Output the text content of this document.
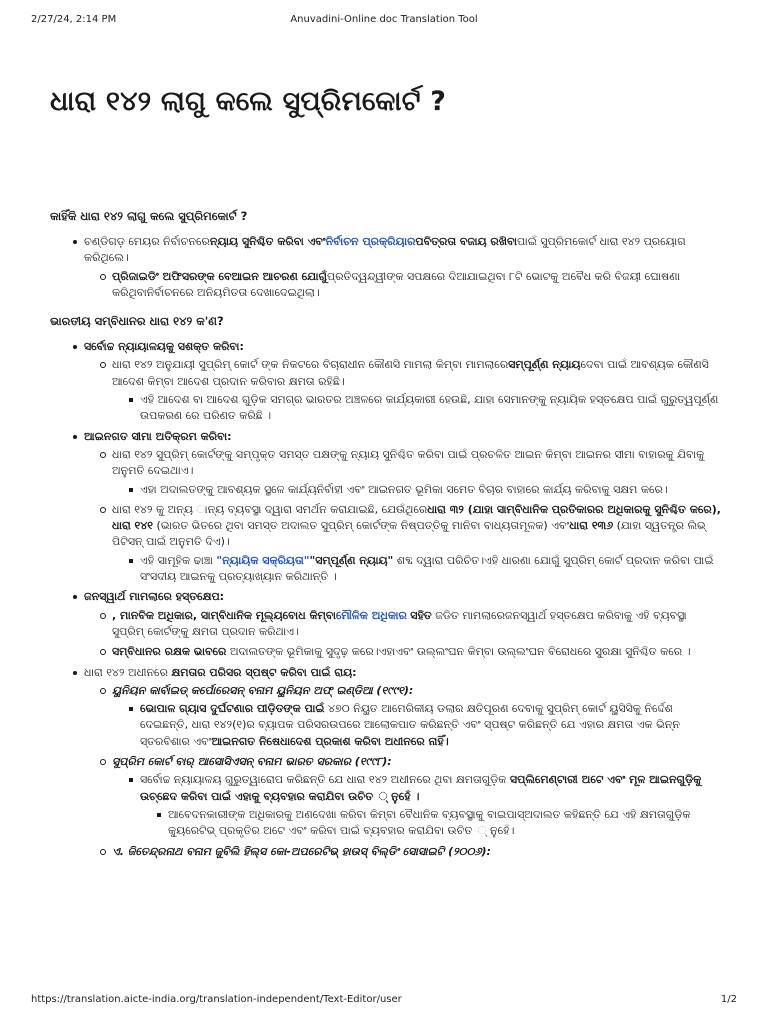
2/27/24, 2:14 PM	Anuvadini-Online doc Translation Tool
ଧାରା ୧୪୨ ଲାଗୁ କଲେ ସୁପ୍ରିମକୋର୍ଟ ?
କାହିଁକି ଧାରା ୧୪୨ ଲାଗୁ କଲେ ସୁପ୍ରିମକୋର୍ଟ ?
ଚଣ୍ଡିଗଡ଼ ମେୟର ନିର୍ବାଚନରେନ୍ୟାୟ ସୁନିଶ୍ଚିତ କରିବା ଏବଂନିର୍ବାଚନ ପ୍ରକ୍ରିୟାରପବିତ୍ରତା ବଜାୟ ରଖିବାପାଇଁ ସୁପ୍ରିମକୋର୍ଟ ଧାରା ୧୪୨ ପ୍ରୟୋଗ କରିଥିଲେ।
ପ୍ରିଜାଇଡିଂ ଅଫିସରଙ୍କ ବେଆଇନ ଆଚରଣ ଯୋଗୁଁପ୍ରତିଦ୍ୱନ୍ଦ୍ୱୀଙ୍କ ସପକ୍ଷରେ ଦିଆଯାଇଥିବା ୮ଟି ଭୋଟକୁ ଅବୈଧ କରି ବିଜୟୀ ଘୋଷଣା କରିଥିବାନିର୍ବାଚନରେ ଅନିୟମିତତା ଦେଖାଦେଇଥିଲା।
ଭାରତୀୟ ସମ୍ବିଧାନର ଧାରା ୧୪୨ କ'ଣ?
ସର୍ବୋଚ୍ଚ ନ୍ୟାୟାଳୟକୁ ସଶକ୍ତ କରିବା:
ଧାରା ୧୪୨ ଅନୁଯାୟୀ ସୁପ୍ରିମ୍ କୋର୍ଟ ଙ୍କ ନିକଟରେ ବିଚାରାଧୀନ କୌଣସି ମାମଲା କିମ୍ବା ମାମଲାରେସମ୍ପୂର୍ଣ୍ଣ ନ୍ୟାୟଦେବା ପାଇଁ ଆବଶ୍ୟକ କୌଣସି ଆଦେଶ କିମ୍ବା ଆଦେଶ ପ୍ରଦାନ କରିବାର କ୍ଷମତା ରହିଛି।
ଏହି ଆଦେଶ ବା ଆଦେଶ ଗୁଡ଼ିକ ସମଗ୍ର ଭାରତର ଅଞ୍ଚଳରେ କାର୍ଯ୍ୟକାରୀ ହେଉଛି, ଯାହା ସେମାନଙ୍କୁ ନ୍ୟାୟିକ ହସ୍ତକ୍ଷେପ ପାଇଁ ଗୁରୁତ୍ୱପୂର୍ଣ୍ଣ ଉପକରଣ ରେ ପରିଣତ କରିଛି ।
ଆଇନଗତ ସୀମା ଅତିକ୍ରମ କରିବା:
ଧାରା ୧୪୨ ସୁପ୍ରିମ୍ କୋର୍ଟଙ୍କୁ ସମ୍ପୃକ୍ତ ସମସ୍ତ ପକ୍ଷଙ୍କୁ ନ୍ୟାୟ ସୁନିଶ୍ଚିତ କରିବା ପାଇଁ ପ୍ରଚଳିତ ଆଇନ କିମ୍ବା ଆଇନର ସୀମା ବାହାରକୁ ଯିବାକୁ ଅନୁମତି ଦେଇଥାଏ।
ଏହା ଅଦାଲତଙ୍କୁ ଆବଶ୍ୟକ ସ୍ଥଳେ କାର୍ଯ୍ୟନିର୍ବାହୀ ଏବଂ ଆଇନଗତ ଭୂମିକା ସମେତ ବିଚାର ବାହାରେ କାର୍ଯ୍ୟ କରିବାକୁ ସକ୍ଷମ କରେ।
ଧାରା ୧୪୨ କୁ ଅନ୍ୟ ◌ାନ୍ୟ ବ୍ୟବସ୍ଥା ଦ୍ୱାରା ସମର୍ଥନ କରାଯାଇଛି, ଯେଉଁଥିରେଧାରା ୩୨ (ଯାହା ସାମ୍ବିଧାନିକ ପ୍ରତିକାରର ଅଧିକାରକୁ ସୁନିଶ୍ଚିତ କରେ), ଧାରା ୧୪୧ (ଭାରତ ଭିତରେ ଥିବା ସମସ୍ତ ଅଦାଲତ ସୁପ୍ରିମ୍ କୋର୍ଟଙ୍କ ନିଷ୍ପତ୍ତିକୁ ମାନିବା ବାଧ୍ୟତାମୂଳକ) ଏବଂଧାରା ୧୩୬ (ଯାହା ସ୍ୱତନ୍ତ୍ର ଲିଭ୍ ପିଟିସନ୍ ପାଇଁ ଅନୁମତି ଦିଏ)।
ଏହି ସାମୂହିକ ଢାଞ୍ଚା "ନ୍ୟାୟିକ ସକ୍ରିୟତା""ସମ୍ପୂର୍ଣ୍ଣ ନ୍ୟାୟ" ଶବ୍ଦ ଦ୍ୱାରା ପରିଚିତ।ଏହି ଧାରଣା ଯୋଗୁଁ ସୁପ୍ରିମ୍ କୋର୍ଟ ପ୍ରଦାନ କରିବା ପାଇଁ ସଂସଦୀୟ ଆଇନକୁ ପ୍ରତ୍ୟାଖ୍ୟାନ କରିଥାନ୍ତି ।
ଜନସ୍ୱାର୍ଥ ମାମଲାରେ ହସ୍ତକ୍ଷେପ:
, ମାନବିକ ଅଧିକାର, ସାମ୍ବିଧାନିକ ମୂଲ୍ୟବୋଧ କିମ୍ବାମୌଳିକ ଅଧିକାର ସହିତ ଜଡିତ ମାମଲାରେଜନସ୍ୱାର୍ଥ ହସ୍ତକ୍ଷେପ କରିବାକୁ ଏହି ବ୍ୟବସ୍ଥା ସୁପ୍ରିମ୍ କୋର୍ଟଙ୍କୁ କ୍ଷମତା ପ୍ରଦାନ କରିଥାଏ।
ସମ୍ବିଧାନର ରକ୍ଷକ ଭାବରେ ଅଦାଲତଙ୍କ ଭୂମିକାକୁ ସୁଦୃଢ଼ କରେ।ଏହାଏବଂ ଉଲ୍ଲଂଘନ କିମ୍ବା ଉଲ୍ଲଂଘନ ବିରୋଧରେ ସୁରକ୍ଷା ସୁନିଶ୍ଚିତ କରେ ।
ଧାରା ୧୪୨ ଅଧୀନରେ କ୍ଷମତାର ପରିସର ସ୍ପଷ୍ଟ କରିବା ପାଇଁ ରାୟ:
ୟୁନିୟନ କାର୍ବାଇଡ୍ କର୍ପୋରେସନ୍ ବନାମ ୟୁନିୟନ ଅଫ୍ ଇଣ୍ଡିଆ (୧୯୯୧):
ଭୋପାଳ ଗ୍ୟାସ ଦୁର୍ଘଟଣାର ପୀଡ଼ିତଙ୍କ ପାଇଁ ୪୭୦ ନିୟୁତ ଆମେରିକୀୟ ଡଲାର କ୍ଷତିପୂରଣ ଦେବାକୁ ସୁପ୍ରିମ୍ କୋର୍ଟ ୟୁସିସିକୁ ନିର୍ଦ୍ଦେଶ ଦେଇଛନ୍ତି, ଧାରା ୧୪୨(୧)ର ବ୍ୟାପକ ପରିସରଉପରେ ଆଲୋକପାତ କରିଛନ୍ତି ଏବଂ ସ୍ପଷ୍ଟ କରିଛନ୍ତି ଯେ ଏହାର କ୍ଷମତା ଏକ ଭିନ୍ନ ସ୍ତରବିଶାର ଏବଂଆଇନଗତ ନିଷେଧାଦେଶ ପ୍ରକାଶ କରିବା ଅଧୀନରେ ନାହିଁ।
ସୁପ୍ରିମ କୋର୍ଟ ବାର୍ ଆସୋସିଏସନ୍ ବନାମ ଭାରତ ସରକାର (୧୯୯୮):
ସର୍ବୋଚ୍ଚ ନ୍ୟାୟାଳୟ ଗୁରୁତ୍ୱାରୋପ କରିଛନ୍ତି ଯେ ଧାରା ୧୪୨ ଅଧୀନରେ ଥିବା କ୍ଷମତାଗୁଡ଼ିକ ସପ୍ଲିମେଣ୍ଟାରୀ ଅଟେ ଏବଂ ମୂଳ ଆଇନଗୁଡ଼ିକୁ ଉଚ୍ଛେଦ କରିବା ପାଇଁ ଏହାକୁ ବ୍ୟବହାର କରାଯିବା ଉଚିତ ୍ ନୁହେଁ ।
ଆବେଦନକାରୀଙ୍କ ଅଧିକାରକୁ ଅଣଦେଖା କରିବା କିମ୍ବା ବୈଧାନିକ ବ୍ୟବସ୍ଥାକୁ ବାଇପାସ୍ଅଦାଲତ କହିଛନ୍ତି ଯେ ଏହି କ୍ଷମତାଗୁଡ଼ିକ କ୍ୟୁରେଟିଭ୍ ପ୍ରକୃତିର ଅଟେ ଏବଂ କରିବା ପାଇଁ ବ୍ୟବହାର କରାଯିବା ଉଚିତ ୍ ନୁହେଁ।
ଏ. ଜିତେନ୍ଦ୍ରନାଥ ବନାମ ଜୁବିଲି ହିଲ୍ସ କୋ-ଅପରେଟିଭ୍ ହାଉସ୍ ବିଲ୍ଡିଂ ସୋସାଇଟି (୨୦୦୬):
https://translation.aicte-india.org/translation-independent/Text-Editor/user	1/2
